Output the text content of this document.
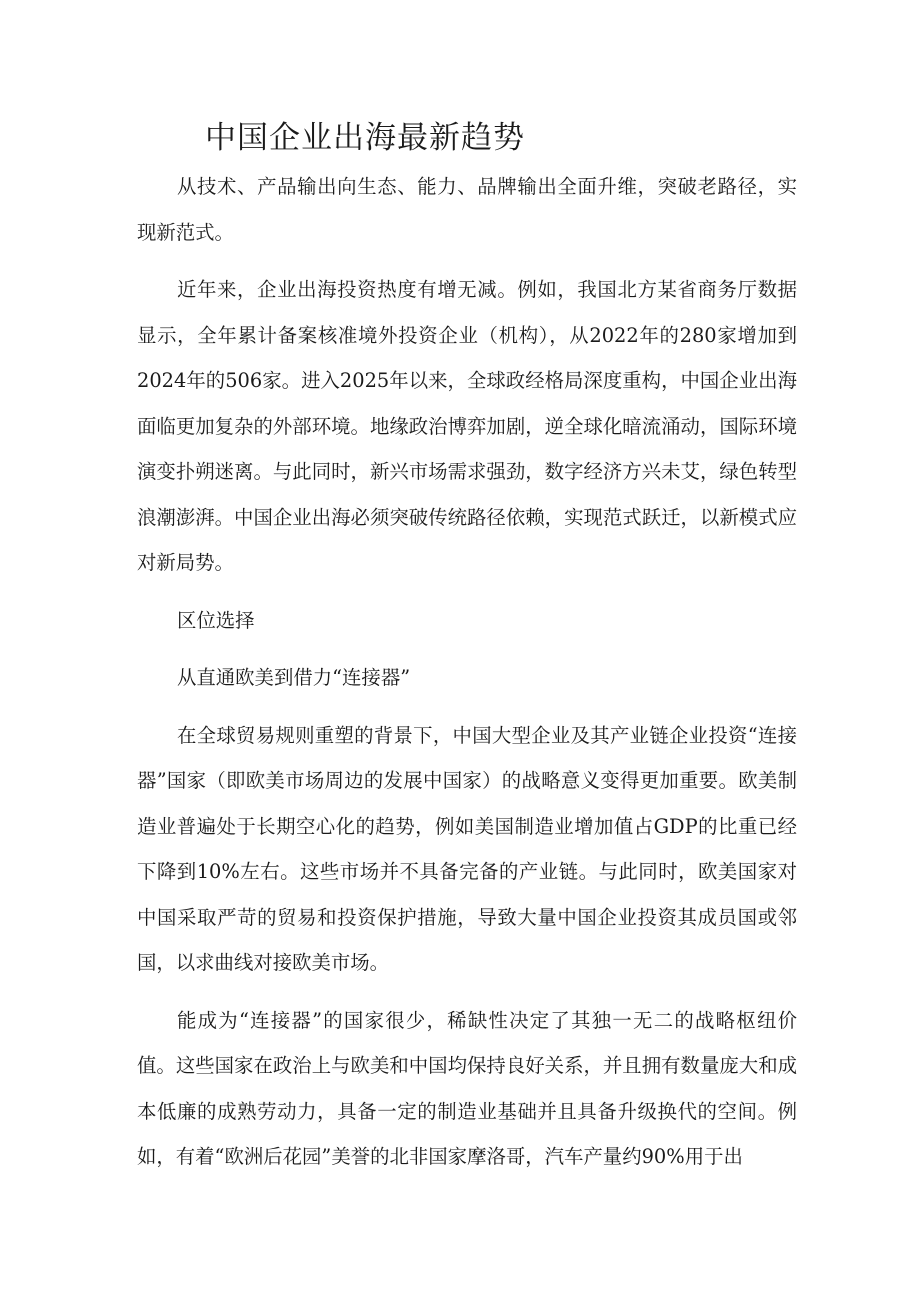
中国企业出海最新趋势

从技术、产品输出向生态、能力、品牌输出全面升维，突破老路径，实现新范式。

近年来，企业出海投资热度有增无减。例如，我国北方某省商务厅数据显示，全年累计备案核准境外投资企业（机构），从2022年的280家增加到2024年的506家。进入2025年以来，全球政经格局深度重构，中国企业出海面临更加复杂的外部环境。地缘政治博弈加剧，逆全球化暗流涌动，国际环境演变扑朔迷离。与此同时，新兴市场需求强劲，数字经济方兴未艾，绿色转型浪潮澎湃。中国企业出海必须突破传统路径依赖，实现范式跃迁，以新模式应对新局势。

区位选择

从直通欧美到借力“连接器”

在全球贸易规则重塑的背景下，中国大型企业及其产业链企业投资“连接器”国家（即欧美市场周边的发展中国家）的战略意义变得更加重要。欧美制造业普遍处于长期空心化的趋势，例如美国制造业增加值占GDP的比重已经下降到10%左右。这些市场并不具备完备的产业链。与此同时，欧美国家对中国采取严苛的贸易和投资保护措施，导致大量中国企业投资其成员国或邻国，以求曲线对接欧美市场。

能成为“连接器”的国家很少，稀缺性决定了其独一无二的战略枢纽价值。这些国家在政治上与欧美和中国均保持良好关系，并且拥有数量庞大和成本低廉的成熟劳动力，具备一定的制造业基础并且具备升级换代的空间。例如，有着“欧洲后花园”美誉的北非国家摩洛哥，汽车产量约90%用于出
